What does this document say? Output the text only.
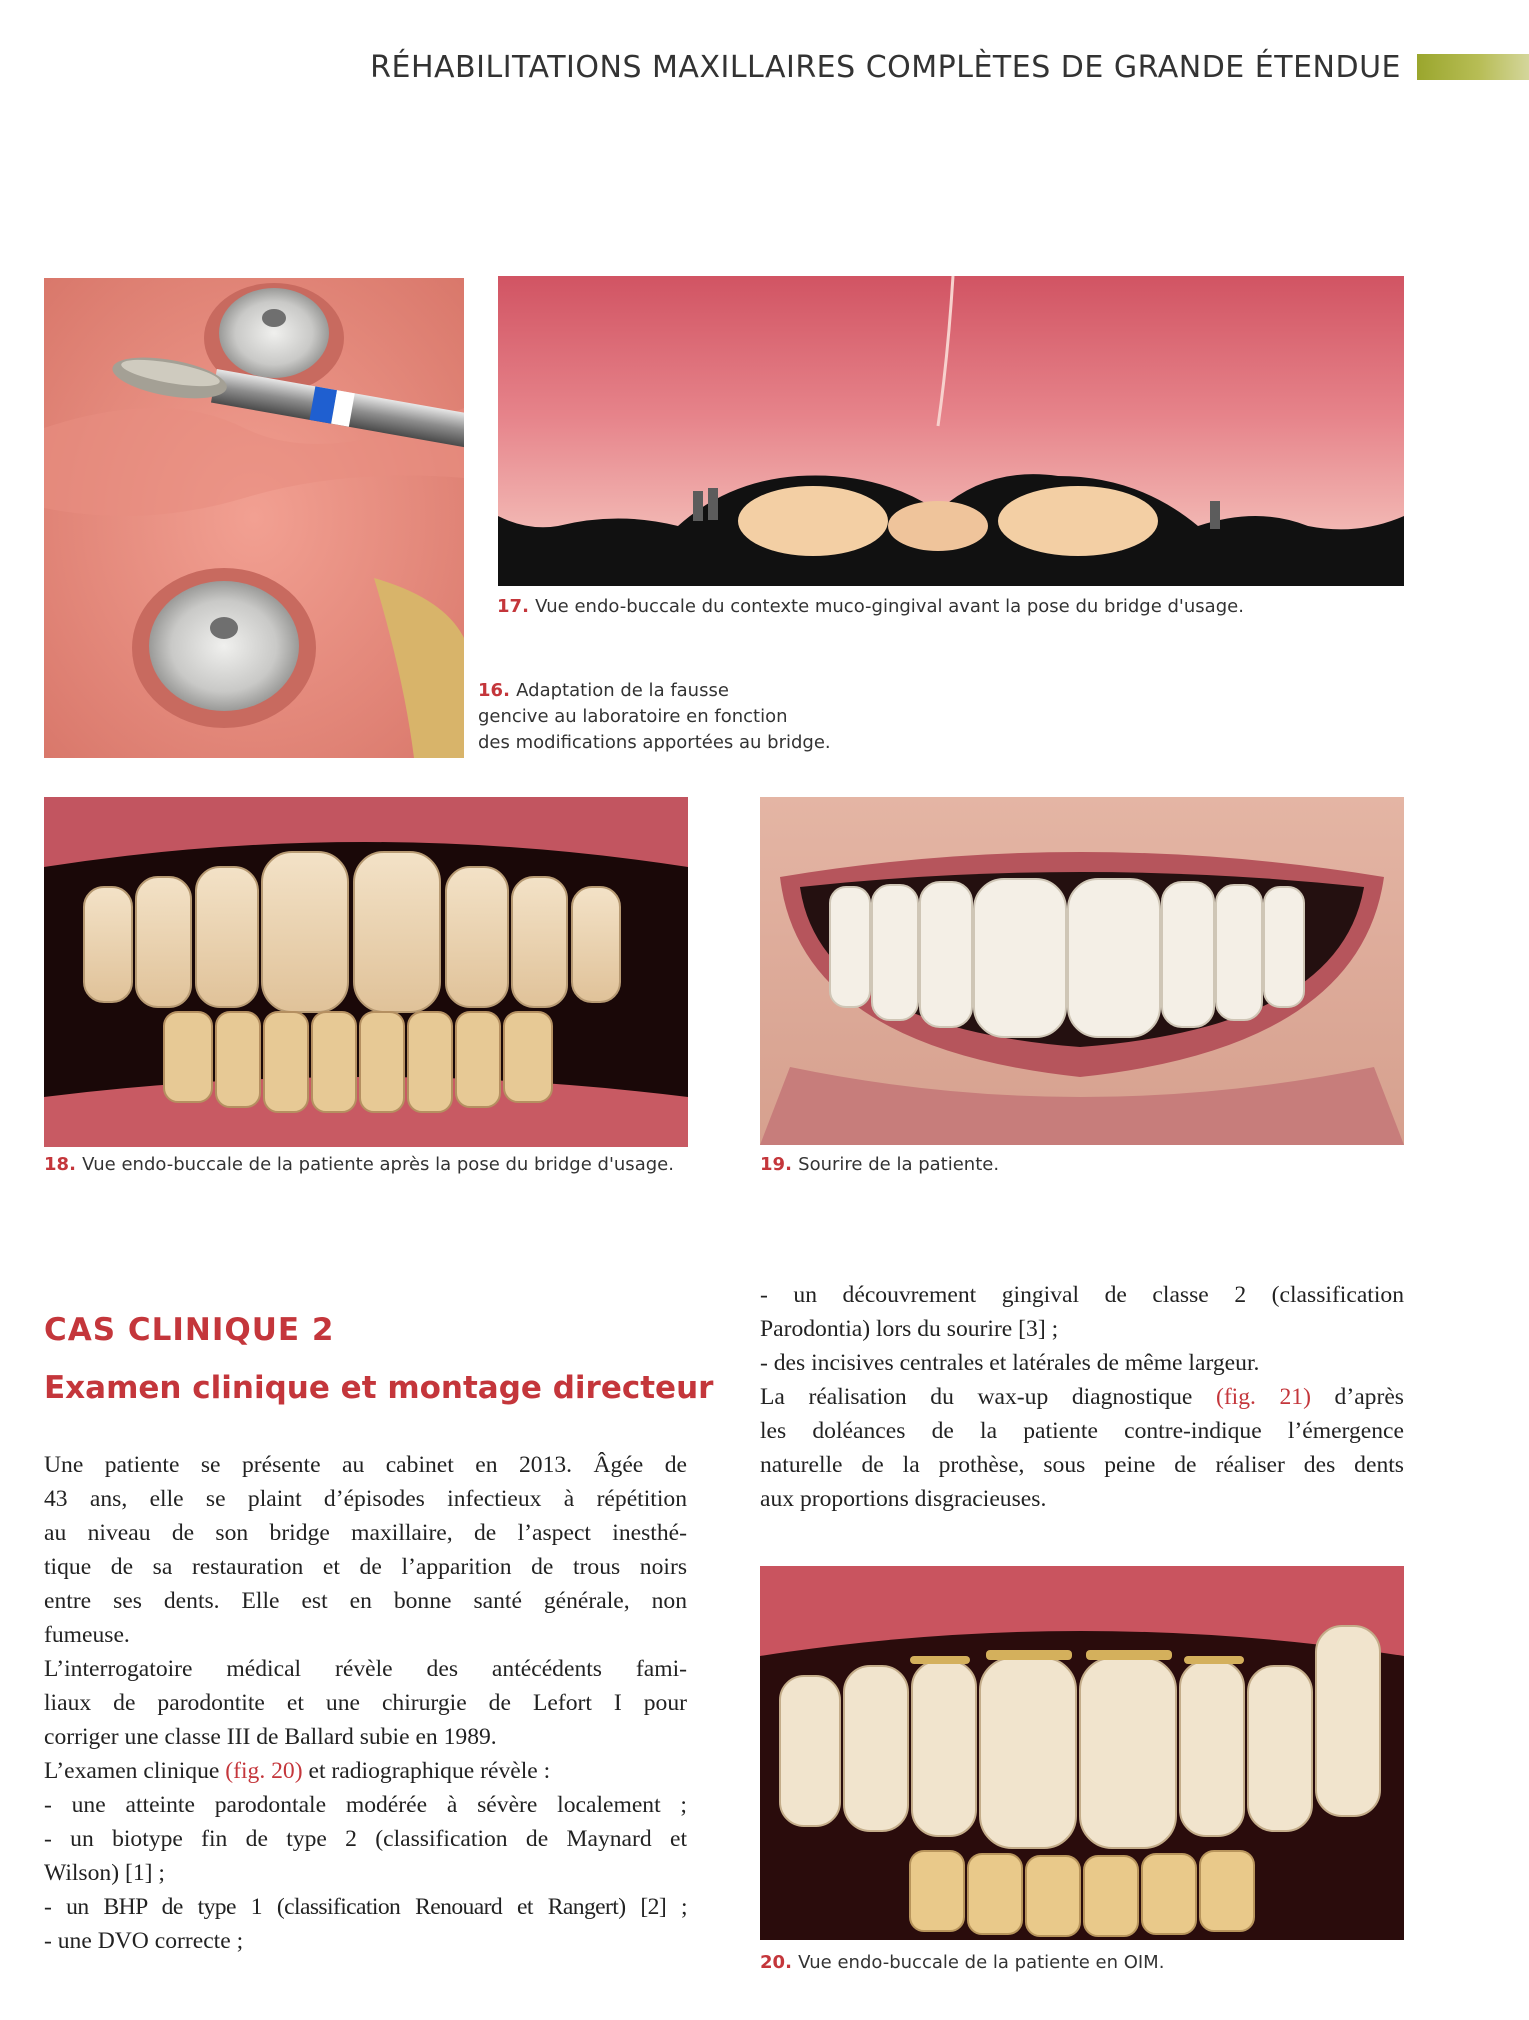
RÉHABILITATIONS MAXILLAIRES COMPLÈTES DE GRANDE ÉTENDUE
17. Vue endo-buccale du contexte muco-gingival avant la pose du bridge d'usage.
16. Adaptation de la fausse
gencive au laboratoire en fonction
des modifications apportées au bridge.
18. Vue endo-buccale de la patiente après la pose du bridge d'usage.	19. Sourire de la patiente.
CAS CLINIQUE 2
Examen clinique et montage directeur

Une patiente se présente au cabinet en 2013. Âgée de

43 ans, elle se plaint d’épisodes infectieux à répétition

au niveau de son bridge maxillaire, de l’aspect inesthé-

tique de sa restauration et de l’apparition de trous noirs

entre ses dents. Elle est en bonne santé générale, non

fumeuse.

L’interrogatoire médical révèle des antécédents fami-

liaux de parodontite et une chirurgie de Lefort I pour

corriger une classe III de Ballard subie en 1989.

L’examen clinique (fig. 20) et radiographique révèle :

- une atteinte parodontale modérée à sévère localement ;

- un biotype fin de type 2 (classification de Maynard et

Wilson) [1] ;

- un BHP de type 1 (classification Renouard et Rangert) [2] ;

- une DVO correcte ;

- un découvrement gingival de classe 2 (classification

Parodontia) lors du sourire [3] ;

- des incisives centrales et latérales de même largeur.

La réalisation du wax-up diagnostique (fig. 21) d’après

les doléances de la patiente contre-indique l’émergence

naturelle de la prothèse, sous peine de réaliser des dents

aux proportions disgracieuses.

20. Vue endo-buccale de la patiente en OIM.
